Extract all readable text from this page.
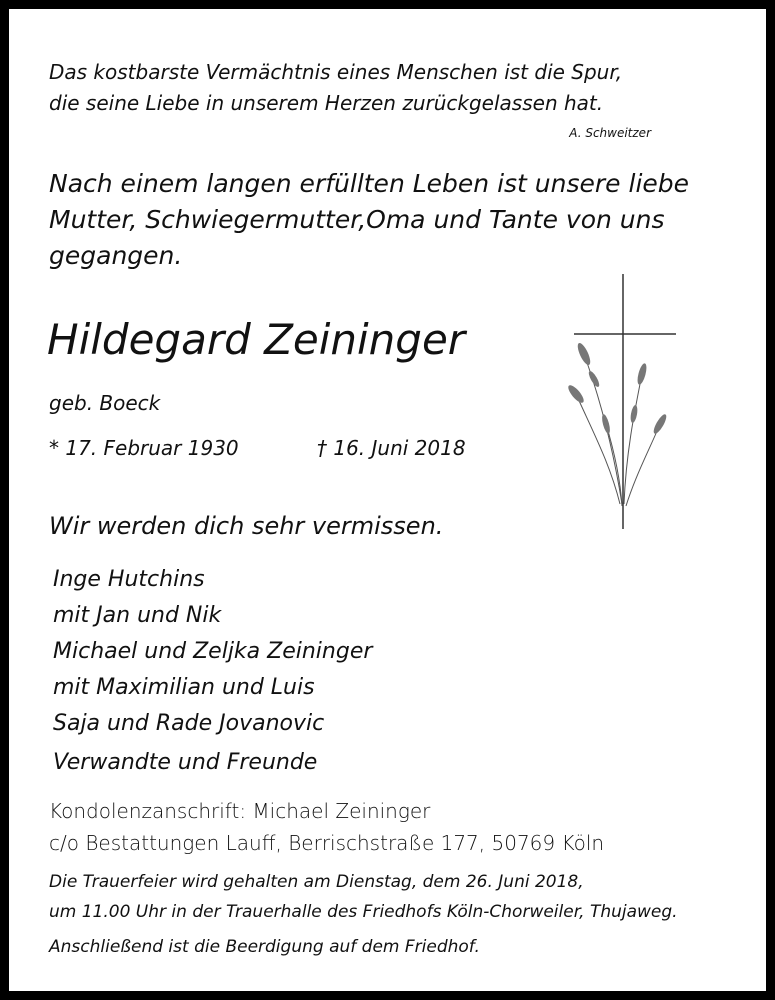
Das kostbarste Vermächtnis eines Menschen ist die Spur,
die seine Liebe in unserem Herzen zurückgelassen hat.
A. Schweitzer
Nach einem langen erfüllten Leben ist unsere liebe
Mutter, Schwiegermutter,Oma und Tante von uns
gegangen.
Hildegard Zeininger
geb. Boeck
* 17. Februar 1930	† 16. Juni 2018
Wir werden dich sehr vermissen.
Inge Hutchins
mit Jan und Nik
Michael und Zeljka Zeininger
mit Maximilian und Luis
Saja und Rade Jovanovic
Verwandte und Freunde
Kondolenzanschrift: Michael Zeininger
c/o Bestattungen Lauff, Berrischstraße 177, 50769 Köln
Die Trauerfeier wird gehalten am Dienstag, dem 26. Juni 2018,
um 11.00 Uhr in der Trauerhalle des Friedhofs Köln-Chorweiler, Thujaweg.
Anschließend ist die Beerdigung auf dem Friedhof.
